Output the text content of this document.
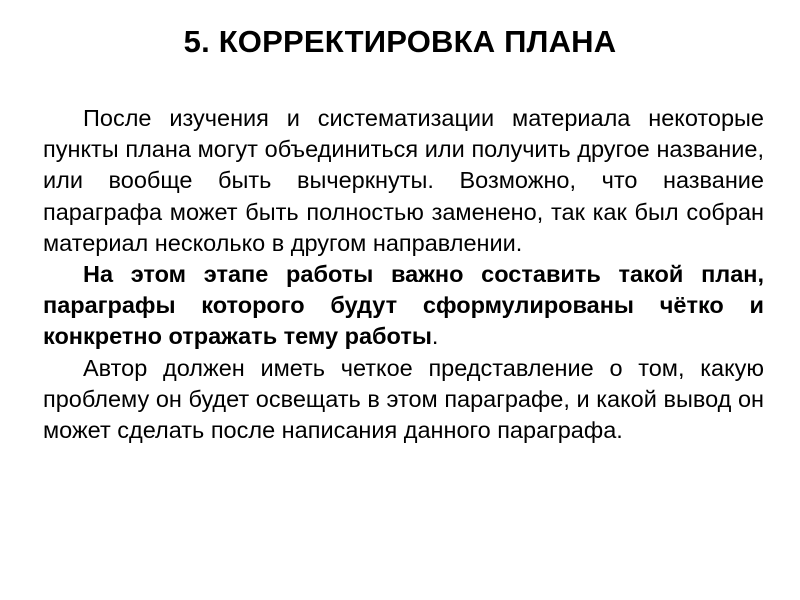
5. КОРРЕКТИРОВКА ПЛАНА

После изучения и систематизации материала некоторые пункты плана могут объединиться или получить другое название, или вообще быть вычеркнуты. Возможно, что название параграфа может быть полностью заменено, так как был собран материал несколько в другом направлении.

На этом этапе работы важно составить такой план, параграфы которого будут сформулированы чётко и конкретно отражать тему работы.

Автор должен иметь четкое представление о том, какую проблему он будет освещать в этом параграфе, и какой вывод он может сделать после написания данного параграфа.
